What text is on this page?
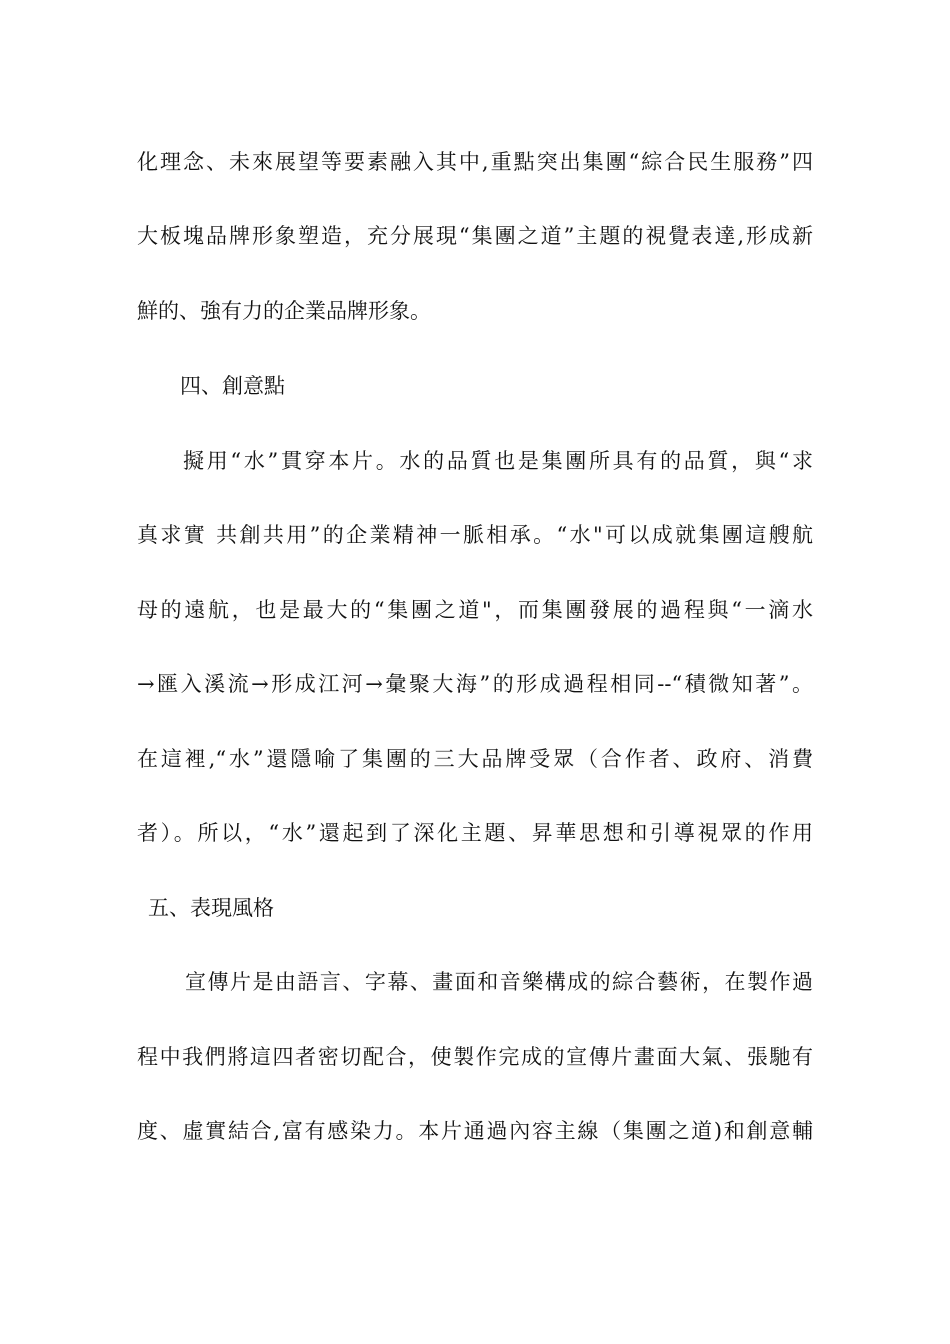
化理念、未來展望等要素融入其中,重點突出集團“綜合民生服務”四
大板塊品牌形象塑造，充分展現“集團之道”主題的視覺表達,形成新
鮮的、強有力的企業品牌形象。
四、創意點
擬用“水”貫穿本片。水的品質也是集團所具有的品質，與“求
真求實 共創共用”的企業精神一脈相承。“水"可以成就集團這艘航
母的遠航，也是最大的“集團之道"，而集團發展的過程與“一滴水
→匯入溪流→形成江河→彙聚大海”的形成過程相同--“積微知著”。
在這裡,“水”還隱喻了集團的三大品牌受眾（合作者、政府、消費
者）。所以，“水”還起到了深化主題、昇華思想和引導視眾的作用
五、表現風格
宣傳片是由語言、字幕、畫面和音樂構成的綜合藝術，在製作過
程中我們將這四者密切配合，使製作完成的宣傳片畫面大氣、張馳有
度、虛實結合,富有感染力。本片通過內容主線（集團之道)和創意輔
